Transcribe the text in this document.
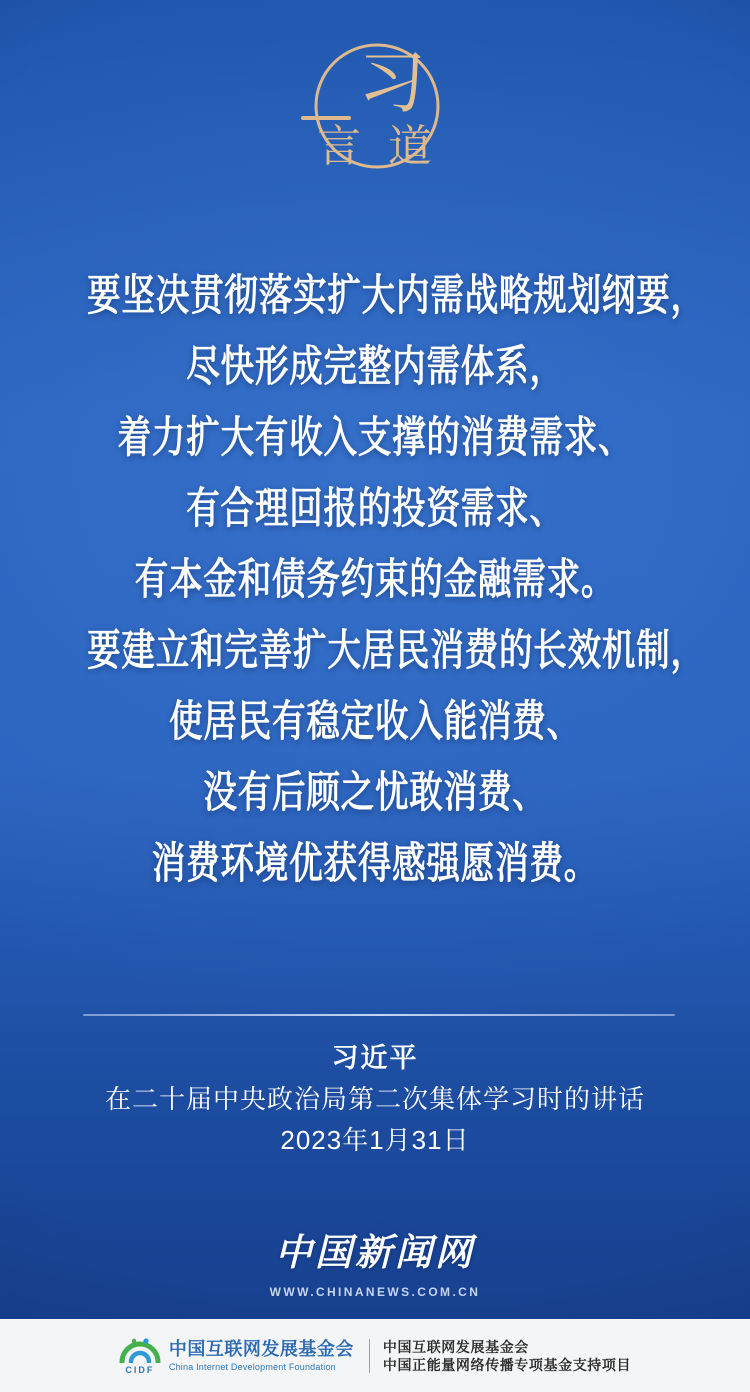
习
言 道
要坚决贯彻落实扩大内需战略规划纲要，
尽快形成完整内需体系，
着力扩大有收入支撑的消费需求、
有合理回报的投资需求、
有本金和债务约束的金融需求。
要建立和完善扩大居民消费的长效机制，
使居民有稳定收入能消费、
没有后顾之忧敢消费、
消费环境优获得感强愿消费。
习近平
在二十届中央政治局第二次集体学习时的讲话
2023年1月31日
中国新闻网
WWW.CHINANEWS.COM.CN
CIDF
中国互联网发展基金会
China Internet Development Foundation
中国互联网发展基金会
中国正能量网络传播专项基金支持项目
